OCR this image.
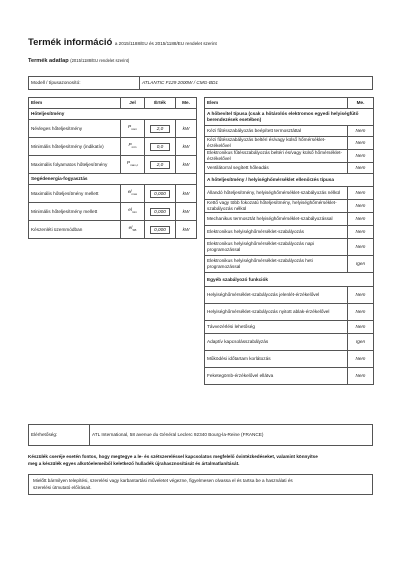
Termék információ a 2015/1188/EU és 2015/1188/EU rendelet szerint
Termék adatlap (2015/1188/EU rendelet szerint)
Modell / típusazonosító:	ATLANTIC F129 2000W / CMG-BD1
Elem	Jel	Érték	Me.
Hőteljesítmény			
Névleges hőteljesítmény	$P_{nom}$	2,0	kW
Minimális hőteljesítmény (indikatív)	$P_{min}$	0,0	kW
Maximális folyamatos hőteljesítmény	$P_{max,c}$	2,0	kW
Segédenergia-fogyasztás			
Maximális hőteljesítmény mellett	$el_{max}$	0,000	kW
Minimális hőteljesítmény mellett	$el_{min}$	0,000	kW
Készenléti üzemmódban	$el_{SB}$	0,000	kW
Elem	Me.
A hőbevitel típusa (csak a hőtárolós elektromos egyedi helyiségfűtő berendezések esetében)	
Kézi fűtésszabályozás beépített termosztáttal	Nem
Kézi fűtésszabályozás beltéri és/vagy külső hőmérséklet-érzékelővel	Nem
Elektronikus fűtésszabályozás beltéri és/vagy külső hőmérséklet-érzékelővel	Nem
Ventilátorral segített hőleadás	Nem
A hőteljesítmény / helyiséghőmérséklet ellenőrzés típusa	
Állandó hőteljesítmény, helyiséghőmérséklet-szabályozás nélkül	Nem
Kettő vagy több fokozatú hőteljesítmény, helyiséghőmérséklet-szabályozás nélkül	Nem
Mechanikus termosztát helyiséghőmérséklet-szabályozással	Nem
Elektronikus helyiséghőmérséklet-szabályozás	Nem
Elektronikus helyiséghőmérséklet-szabályozás napi programozással	Nem
Elektronikus helyiséghőmérséklet-szabályozás heti programozással	Igen
Egyéb szabályozó funkciók	
Helyiséghőmérséklet-szabályozás jelenlét-érzékelővel	Nem
Helyiséghőmérséklet-szabályozás nyitott ablak-érzékelővel	Nem
Távvezérlési lehetőség	Nem
Adaptív kapcsolásszabályzás	Igen
Működési időtartam korlátozás	Nem
Feketegömb-érzékelővel ellátva	Nem
Elérhetőség:	ATL International, 58 avenue du Général Leclerc 92340 Bourg-la-Reine (FRANCE)
Készülék cseréje esetén fontos, hogy megtegye a le- és szétszereléssel kapcsolatos megfelelő óvintézkedéseket, valamint könnyítse
meg a készülék egyes alkotóelemeiből keletkező hulladék újrahasznosítását és ártalmatlanítását.
Mielőtt bármilyen telepítési, szerelési vagy karbantartási műveletet végezne, figyelmesen olvassa el és tartsa be a használati és
szerelési útmutató előírásait.
